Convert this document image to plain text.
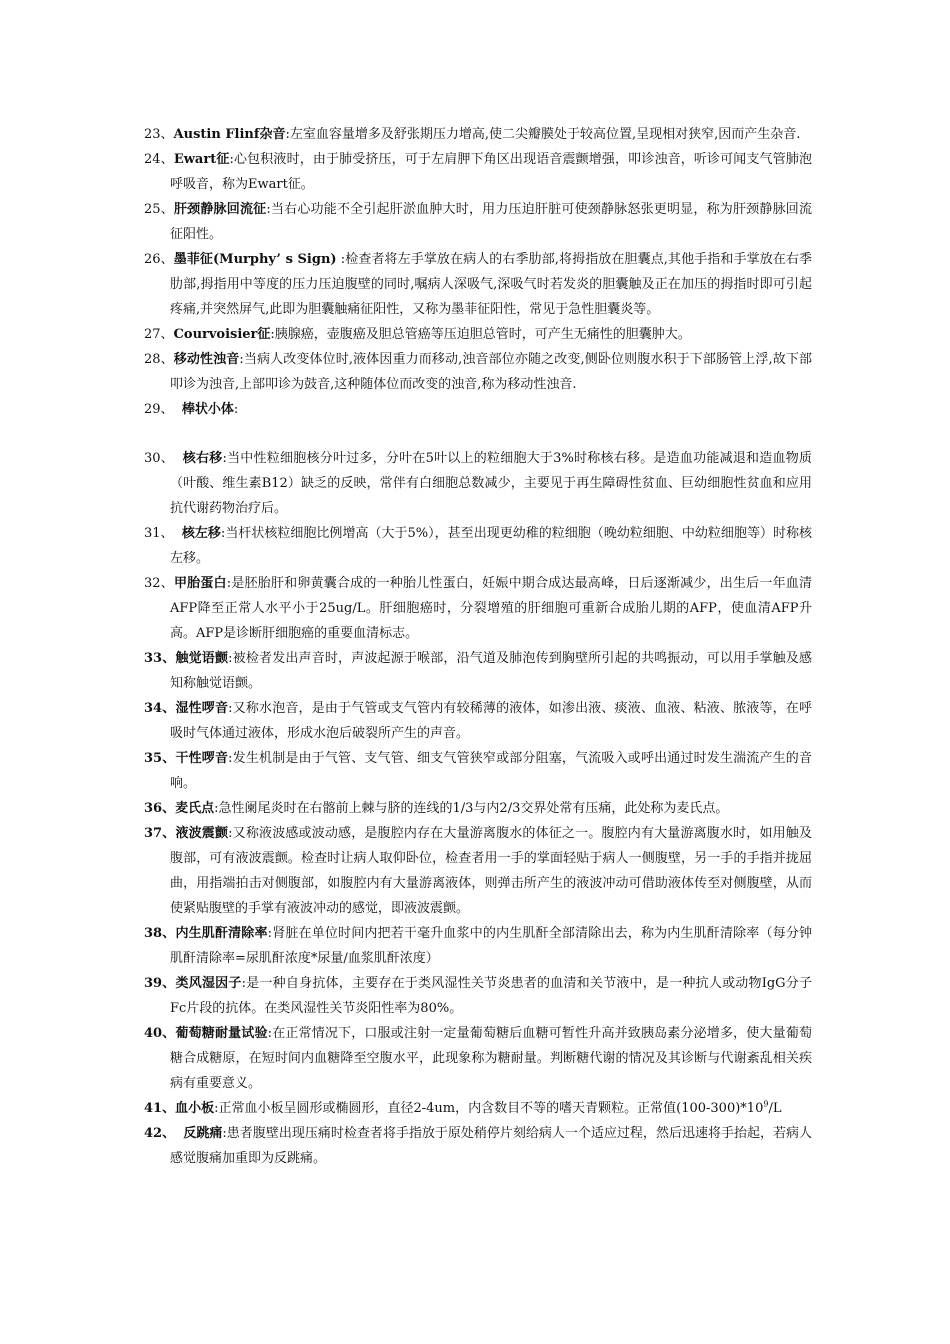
23、Austin Flinf杂音:左室血容量增多及舒张期压力增高,使二尖瓣膜处于较高位置,呈现相对狭窄,因而产生杂音.

24、Ewart征:心包积液时，由于肺受挤压，可于左肩胛下角区出现语音震颤增强，叩诊浊音，听诊可闻支气管肺泡呼吸音，称为Ewart征。

25、肝颈静脉回流征:当右心功能不全引起肝淤血肿大时，用力压迫肝脏可使颈静脉怒张更明显，称为肝颈静脉回流征阳性。

26、墨菲征(Murphy’ s Sign) :检查者将左手掌放在病人的右季肋部,将拇指放在胆囊点,其他手指和手掌放在右季肋部,拇指用中等度的压力压迫腹壁的同时,嘱病人深吸气,深吸气时若发炎的胆囊触及正在加压的拇指时即可引起疼痛,并突然屏气,此即为胆囊触痛征阳性，又称为墨菲征阳性，常见于急性胆囊炎等。

27、Courvoisier征:胰腺癌，壶腹癌及胆总管癌等压迫胆总管时，可产生无痛性的胆囊肿大。

28、移动性浊音:当病人改变体位时,液体因重力而移动,浊音部位亦随之改变,侧卧位则腹水积于下部肠管上浮,故下部叩诊为浊音,上部叩诊为鼓音,这种随体位而改变的浊音,称为移动性浊音.

29、 棒状小体:

30、 核右移:当中性粒细胞核分叶过多，分叶在5叶以上的粒细胞大于3%时称核右移。是造血功能减退和造血物质（叶酸、维生素B12）缺乏的反映，常伴有白细胞总数减少，主要见于再生障碍性贫血、巨幼细胞性贫血和应用抗代谢药物治疗后。

31、 核左移:当杆状核粒细胞比例增高（大于5%），甚至出现更幼稚的粒细胞（晚幼粒细胞、中幼粒细胞等）时称核左移。

32、甲胎蛋白:是胚胎肝和卵黄囊合成的一种胎儿性蛋白，妊娠中期合成达最高峰，日后逐渐减少，出生后一年血清AFP降至正常人水平小于25ug/L。肝细胞癌时，分裂增殖的肝细胞可重新合成胎儿期的AFP，使血清AFP升高。AFP是诊断肝细胞癌的重要血清标志。

33、触觉语颤:被检者发出声音时，声波起源于喉部，沿气道及肺泡传到胸壁所引起的共鸣振动，可以用手掌触及感知称触觉语颤。

34、湿性啰音:又称水泡音，是由于气管或支气管内有较稀薄的液体，如渗出液、痰液、血液、粘液、脓液等，在呼吸时气体通过液体，形成水泡后破裂所产生的声音。

35、干性啰音:发生机制是由于气管、支气管、细支气管狭窄或部分阻塞，气流吸入或呼出通过时发生湍流产生的音响。

36、麦氏点:急性阑尾炎时在右髂前上棘与脐的连线的1/3与内2/3交界处常有压痛，此处称为麦氏点。

37、液波震颤:又称液波感或波动感，是腹腔内存在大量游离腹水的体征之一。腹腔内有大量游离腹水时，如用触及腹部，可有液波震颤。检查时让病人取仰卧位，检查者用一手的掌面轻贴于病人一侧腹壁，另一手的手指并拢屈曲，用指端拍击对侧腹部，如腹腔内有大量游离液体，则弹击所产生的液波冲动可借助液体传至对侧腹壁，从而使紧贴腹壁的手掌有液波冲动的感觉，即液波震颤。

38、内生肌酐清除率:肾脏在单位时间内把若干毫升血浆中的内生肌酐全部清除出去，称为内生肌酐清除率（每分钟肌酐清除率=尿肌酐浓度*尿量/血浆肌酐浓度）

39、类风湿因子:是一种自身抗体，主要存在于类风湿性关节炎患者的血清和关节液中，是一种抗人或动物IgG分子Fc片段的抗体。在类风湿性关节炎阳性率为80%。

40、葡萄糖耐量试验:在正常情况下，口服或注射一定量葡萄糖后血糖可暂性升高并致胰岛素分泌增多，使大量葡萄糖合成糖原，在短时间内血糖降至空腹水平，此现象称为糖耐量。判断糖代谢的情况及其诊断与代谢紊乱相关疾病有重要意义。

41、血小板:正常血小板呈圆形或椭圆形，直径2-4um，内含数目不等的嗜天青颗粒。正常值$(100-300)*10^9/L$

42、 反跳痛:患者腹壁出现压痛时检查者将手指放于原处稍停片刻给病人一个适应过程，然后迅速将手抬起，若病人感觉腹痛加重即为反跳痛。
